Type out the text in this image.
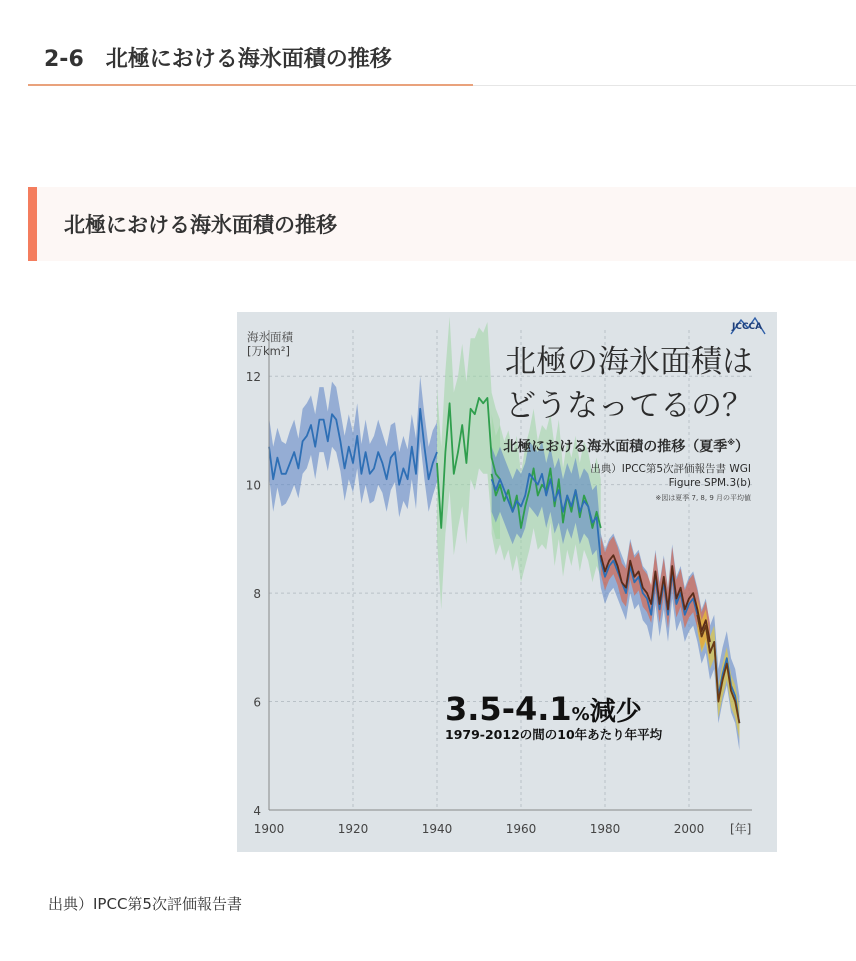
2-6　北極における海氷面積の推移
北極における海氷面積の推移
4
6
8
10
12
1900	1920	1940	1960	1980	2000
海氷面積
[万km²]
[年]
JCCCA
北極の海氷面積は
どうなってるの？
北極における海氷面積の推移（夏季※）
出典）IPCC第5次評価報告書 WGI
Figure SPM.3(b)
※図は夏季 7, 8, 9 月の平均値
3.5-4.1%減少
1979-2012の間の10年あたり年平均
出典）IPCC第5次評価報告書
